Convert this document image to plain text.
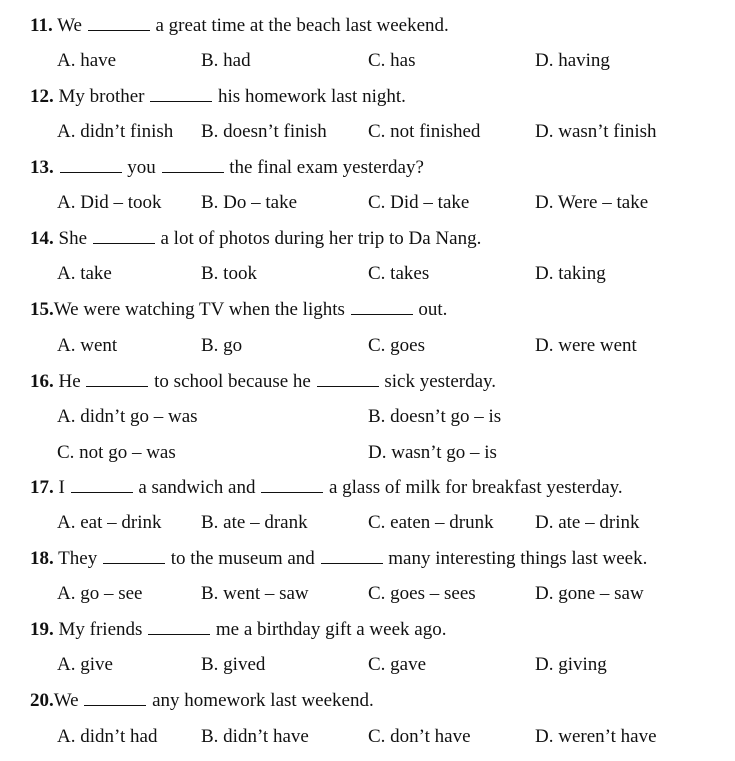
11. We	a great time at the beach last weekend.
A. have	B. had	C. has	D. having
12. My brother	his homework last night.
A. didn’t finish B. doesn’t finish C. not finished	D. wasn’t finish
13.	you	the final exam yesterday?
A. Did – took B. Do – take	C. Did – take	D. Were – take
14. She	a lot of photos during her trip to Da Nang.
A. take	B. took	C. takes	D. taking
15.We were watching TV when the lights	out.
A. went	B. go	C. goes	D. were went
16. He	to school because he	sick yesterday.
A. didn’t go – was	B. doesn’t go – is
C. not go – was	D. wasn’t go – is
17. I	a sandwich and	a glass of milk for breakfast yesterday.
A. eat – drink B. ate – drank	C. eaten – drunk D. ate – drink
18. They	to the museum and	many interesting things last week.
A. go – see	B. went – saw	C. goes – sees	D. gone – saw
19. My friends	me a birthday gift a week ago.
A. give	B. gived	C. gave	D. giving
20.We	any homework last weekend.
A. didn’t had B. didn’t have	C. don’t have	D. weren’t have
